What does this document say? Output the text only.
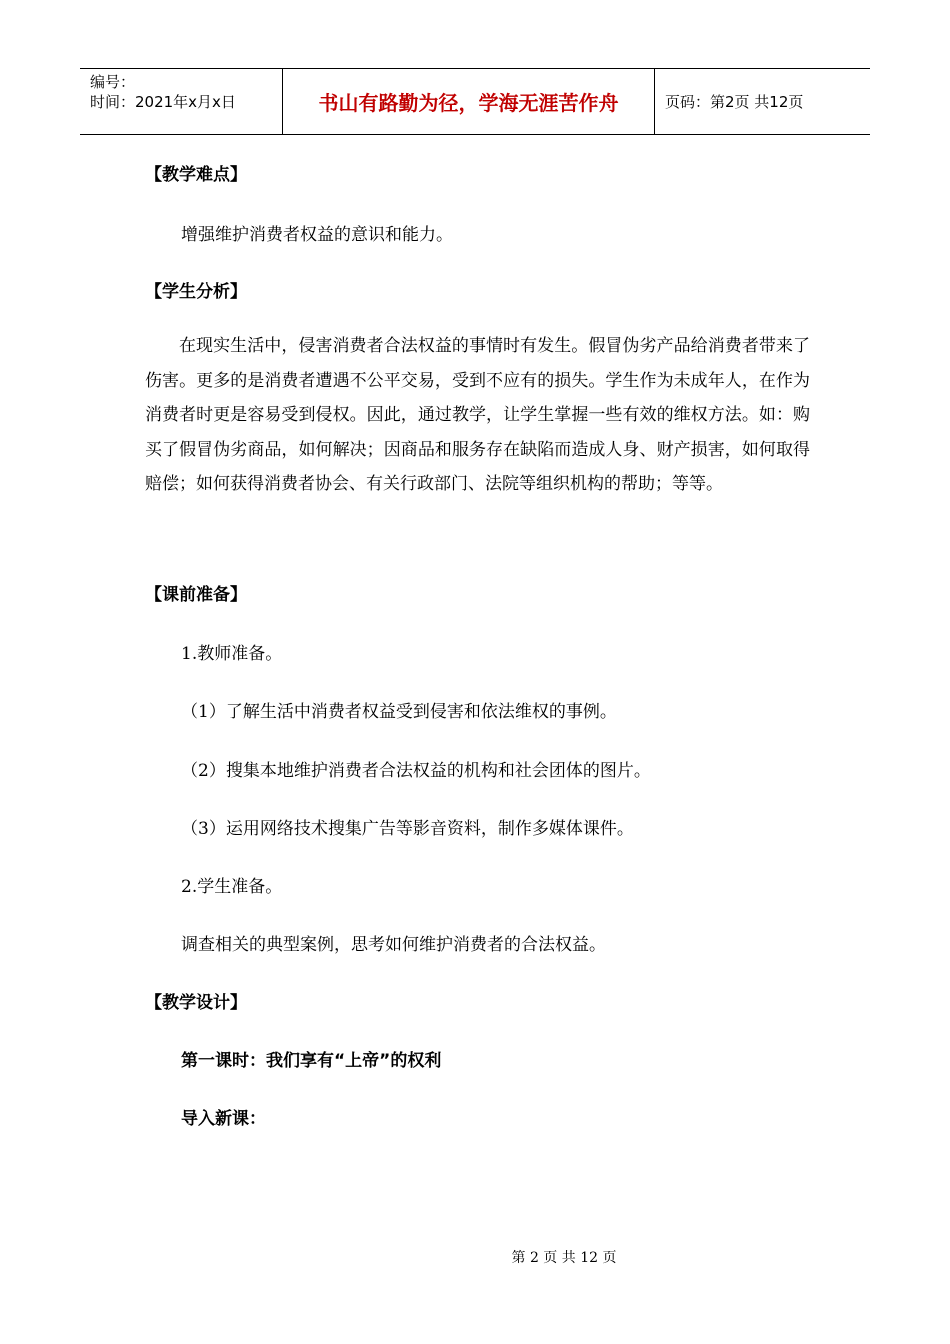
编号：
时间：2021年x月x日	书山有路勤为径，学海无涯苦作舟	页码：第2页 共12页
【教学难点】
增强维护消费者权益的意识和能力。
【学生分析】
在现实生活中，侵害消费者合法权益的事情时有发生。假冒伪劣产品给消费者带来了伤害。更多的是消费者遭遇不公平交易，受到不应有的损失。学生作为未成年人，在作为消费者时更是容易受到侵权。因此，通过教学，让学生掌握一些有效的维权方法。如：购买了假冒伪劣商品，如何解决；因商品和服务存在缺陷而造成人身、财产损害，如何取得赔偿；如何获得消费者协会、有关行政部门、法院等组织机构的帮助；等等。
【课前准备】
1.教师准备。
（1）了解生活中消费者权益受到侵害和依法维权的事例。
（2）搜集本地维护消费者合法权益的机构和社会团体的图片。
（3）运用网络技术搜集广告等影音资料，制作多媒体课件。
2.学生准备。
调查相关的典型案例，思考如何维护消费者的合法权益。
【教学设计】
第一课时：我们享有“上帝”的权利
导入新课：
第 2 页 共 12 页
